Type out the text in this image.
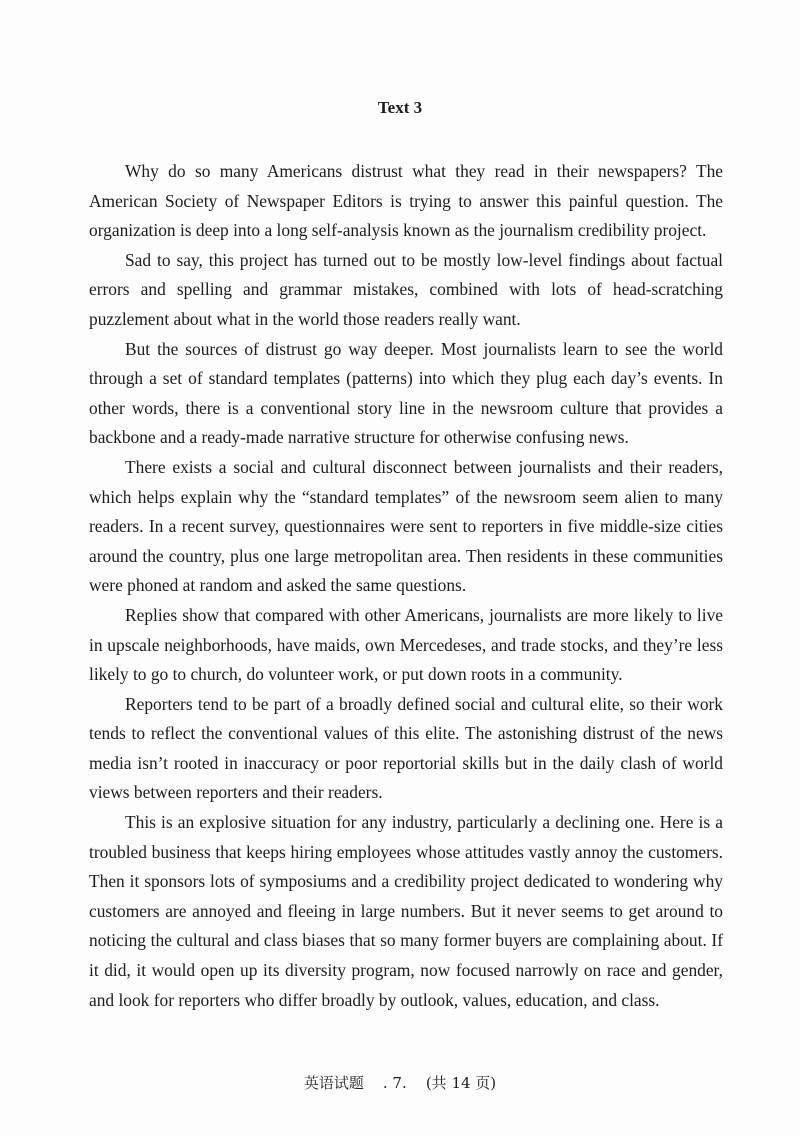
Text 3

Why do so many Americans distrust what they read in their newspapers? The American Society of Newspaper Editors is trying to answer this painful question. The organization is deep into a long self-analysis known as the journalism credibility project.

Sad to say, this project has turned out to be mostly low-level findings about factual errors and spelling and grammar mistakes, combined with lots of head-scratching puzzlement about what in the world those readers really want.

But the sources of distrust go way deeper. Most journalists learn to see the world through a set of standard templates (patterns) into which they plug each day’s events. In other words, there is a conventional story line in the newsroom culture that provides a backbone and a ready-made narrative structure for otherwise confusing news.

There exists a social and cultural disconnect between journalists and their readers, which helps explain why the “standard templates” of the newsroom seem alien to many readers. In a recent survey, questionnaires were sent to reporters in five middle-size cities around the country, plus one large metropolitan area. Then residents in these communities were phoned at random and asked the same questions.

Replies show that compared with other Americans, journalists are more likely to live in upscale neighborhoods, have maids, own Mercedeses, and trade stocks, and they’re less likely to go to church, do volunteer work, or put down roots in a community.

Reporters tend to be part of a broadly defined social and cultural elite, so their work tends to reflect the conventional values of this elite. The astonishing distrust of the news media isn’t rooted in inaccuracy or poor reportorial skills but in the daily clash of world views between reporters and their readers.

This is an explosive situation for any industry, particularly a declining one. Here is a troubled business that keeps hiring employees whose attitudes vastly annoy the customers. Then it sponsors lots of symposiums and a credibility project dedicated to wondering why customers are annoyed and fleeing in large numbers. But it never seems to get around to noticing the cultural and class biases that so many former buyers are complaining about. If it did, it would open up its diversity program, now focused narrowly on race and gender, and look for reporters who differ broadly by outlook, values, education, and class.

英语试题    . 7.    (共 14 页)
